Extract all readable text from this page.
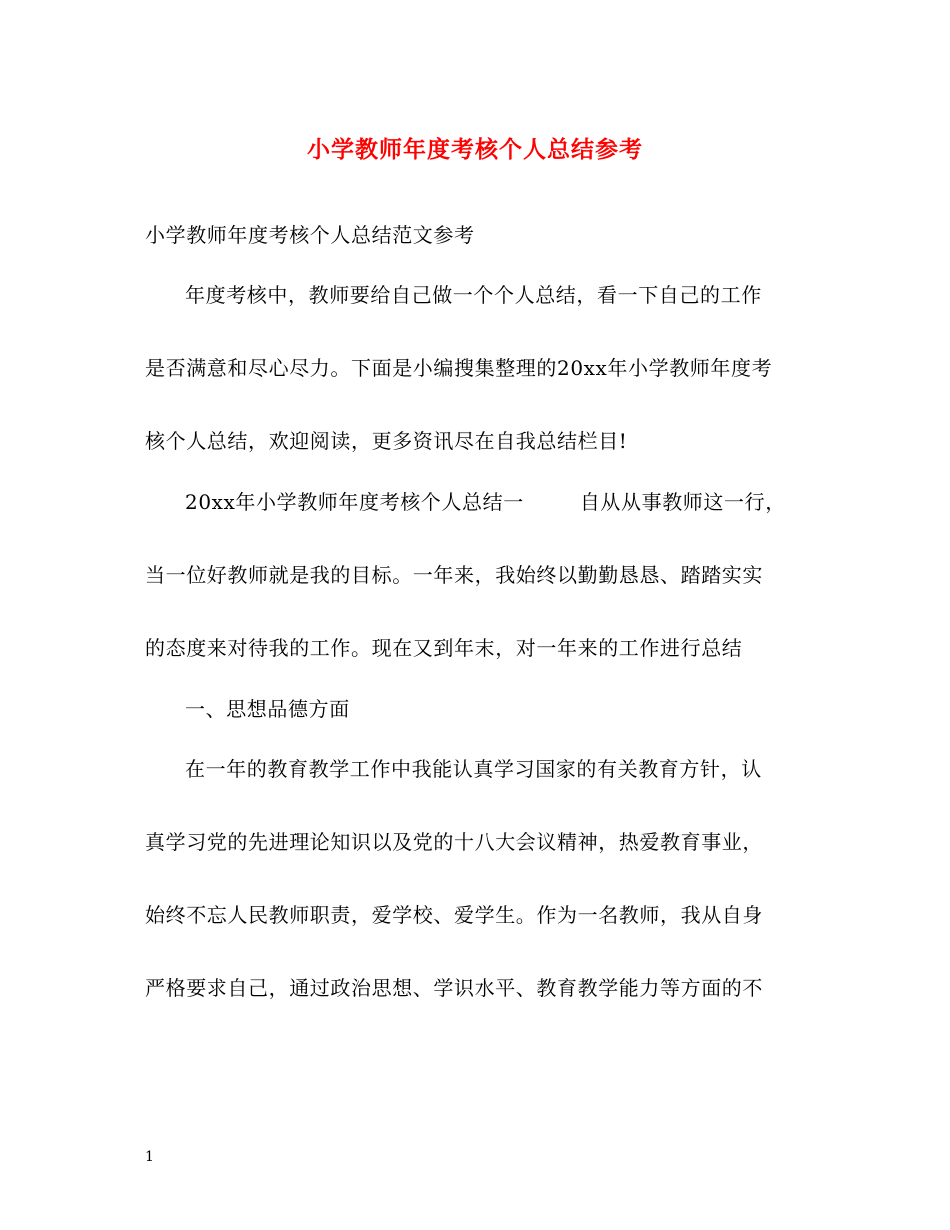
小学教师年度考核个人总结参考
小学教师年度考核个人总结范文参考
年度考核中，教师要给自己做一个个人总结，看一下自己的工作
是否满意和尽心尽力。下面是小编搜集整理的20xx年小学教师年度考
核个人总结，欢迎阅读，更多资讯尽在自我总结栏目!
20xx年小学教师年度考核个人总结一	自从从事教师这一行，
当一位好教师就是我的目标。一年来，我始终以勤勤恳恳、踏踏实实
的态度来对待我的工作。现在又到年末，对一年来的工作进行总结
一、思想品德方面
在一年的教育教学工作中我能认真学习国家的有关教育方针，认
真学习党的先进理论知识以及党的十八大会议精神，热爱教育事业，
始终不忘人民教师职责，爱学校、爱学生。作为一名教师，我从自身
严格要求自己，通过政治思想、学识水平、教育教学能力等方面的不
1
